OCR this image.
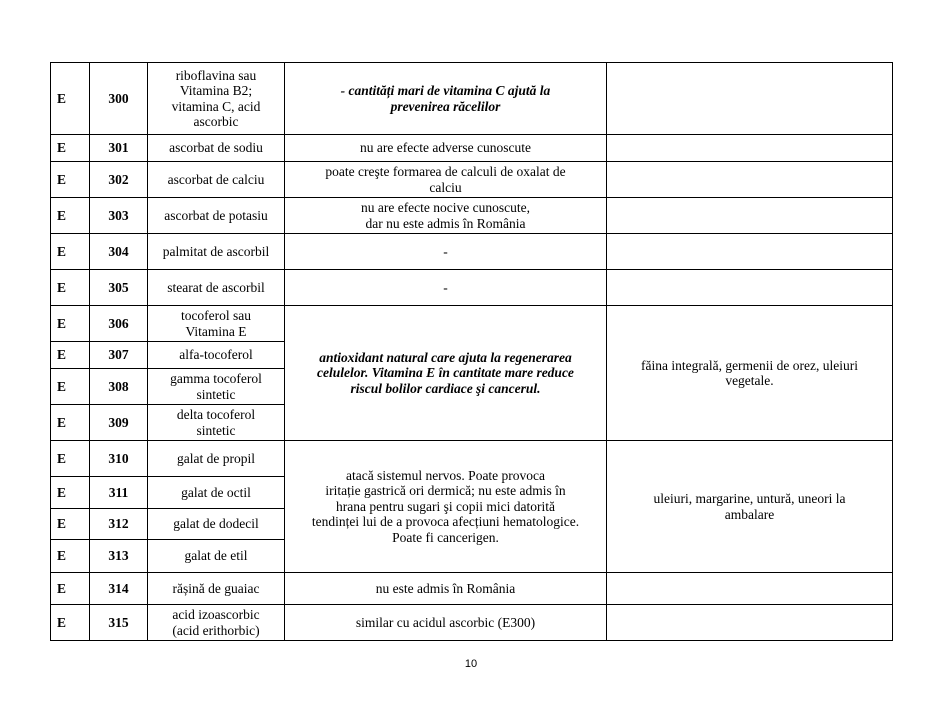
E	300	riboflavina sau
Vitamina B2;
vitamina C, acid
ascorbic	- cantități mari de vitamina C ajută la
prevenirea răcelilor	
E	301	ascorbat de sodiu	nu are efecte adverse cunoscute	
E	302	ascorbat de calciu	poate creşte formarea de calculi de oxalat de
calciu	
E	303	ascorbat de potasiu	nu are efecte nocive cunoscute,
dar nu este admis în România	
E	304	palmitat de ascorbil	-	
E	305	stearat de ascorbil	-	
E	306	tocoferol sau
Vitamina E	antioxidant natural care ajuta la regenerarea
celulelor. Vitamina E în cantitate mare reduce
riscul bolilor cardiace şi cancerul.	făina integrală, germenii de orez, uleiuri
vegetale.
E	307	alfa-tocoferol		
E	308	gamma tocoferol
sintetic		
E	309	delta tocoferol
sintetic		
E	310	galat de propil	atacă sistemul nervos. Poate provoca
iritație gastrică ori dermică; nu este admis în
hrana pentru sugari şi copii mici datorită
tendinței lui de a provoca afecțiuni hematologice.
Poate fi cancerigen.	uleiuri, margarine, untură, uneori la
ambalare
E	311	galat de octil		
E	312	galat de dodecil		
E	313	galat de etil		
E	314	rășină de guaiac	nu este admis în România	
E	315	acid izoascorbic
(acid erithorbic)	similar cu acidul ascorbic (E300)	
10
